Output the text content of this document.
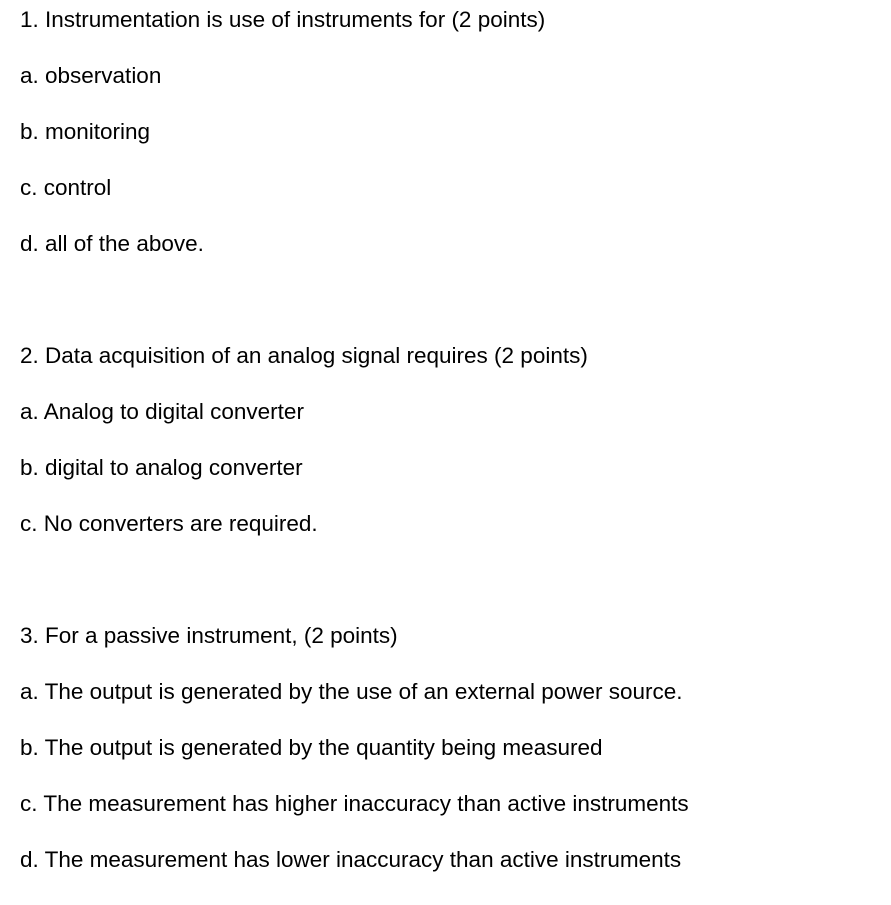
1. Instrumentation is use of instruments for (2 points)

a. observation

b. monitoring

c. control

d. all of the above.

2. Data acquisition of an analog signal requires (2 points)

a. Analog to digital converter

b. digital to analog converter

c. No converters are required.

3. For a passive instrument, (2 points)

a. The output is generated by the use of an external power source.

b. The output is generated by the quantity being measured

c. The measurement has higher inaccuracy than active instruments

d. The measurement has lower inaccuracy than active instruments
